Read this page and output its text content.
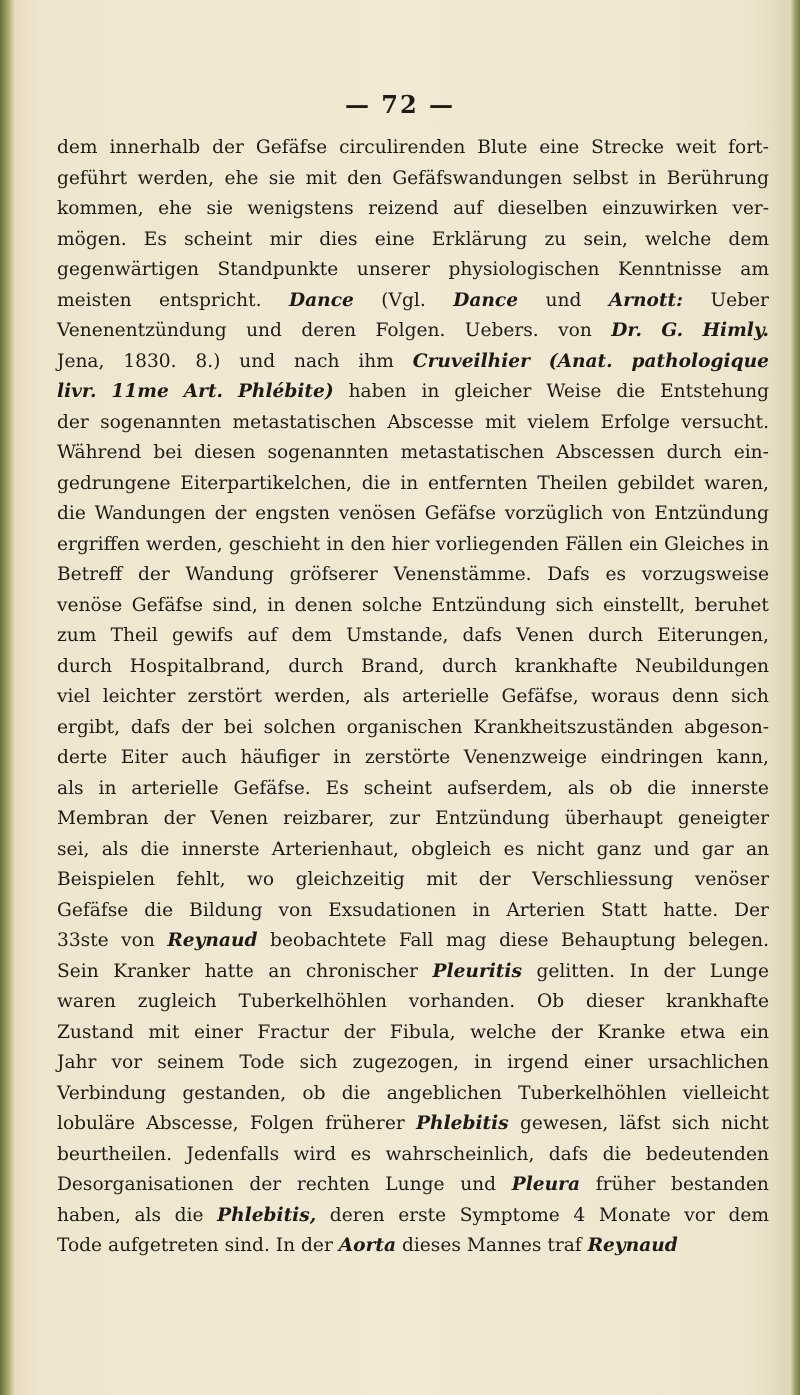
— 72 —

dem innerhalb der Gefäfse circulirenden Blute eine Strecke weit fort-
geführt werden, ehe sie mit den Gefäfswandungen selbst in Berührung
kommen, ehe sie wenigstens reizend auf dieselben einzuwirken ver-
mögen. Es scheint mir dies eine Erklärung zu sein, welche dem
gegenwärtigen Standpunkte unserer physiologischen Kenntnisse am
meisten entspricht. Dance (Vgl. Dance und Arnott: Ueber
Venenentzündung und deren Folgen. Uebers. von Dr. G. Himly.
Jena, 1830. 8.) und nach ihm Cruveilhier (Anat. pathologique
livr. 11me Art. Phlébite) haben in gleicher Weise die Entstehung
der sogenannten metastatischen Abscesse mit vielem Erfolge versucht.
Während bei diesen sogenannten metastatischen Abscessen durch ein-
gedrungene Eiterpartikelchen, die in entfernten Theilen gebildet waren,
die Wandungen der engsten venösen Gefäfse vorzüglich von Entzündung
ergriffen werden, geschieht in den hier vorliegenden Fällen ein Gleiches in
Betreff der Wandung gröfserer Venenstämme. Dafs es vorzugsweise
venöse Gefäfse sind, in denen solche Entzündung sich einstellt, beruhet
zum Theil gewifs auf dem Umstande, dafs Venen durch Eiterungen,
durch Hospitalbrand, durch Brand, durch krankhafte Neubildungen
viel leichter zerstört werden, als arterielle Gefäfse, woraus denn sich
ergibt, dafs der bei solchen organischen Krankheitszuständen abgeson-
derte Eiter auch häufiger in zerstörte Venenzweige eindringen kann,
als in arterielle Gefäfse. Es scheint aufserdem, als ob die innerste
Membran der Venen reizbarer, zur Entzündung überhaupt geneigter
sei, als die innerste Arterienhaut, obgleich es nicht ganz und gar an
Beispielen fehlt, wo gleichzeitig mit der Verschliessung venöser
Gefäfse die Bildung von Exsudationen in Arterien Statt hatte. Der
33ste von Reynaud beobachtete Fall mag diese Behauptung belegen.
Sein Kranker hatte an chronischer Pleuritis gelitten. In der Lunge
waren zugleich Tuberkelhöhlen vorhanden. Ob dieser krankhafte
Zustand mit einer Fractur der Fibula, welche der Kranke etwa ein
Jahr vor seinem Tode sich zugezogen, in irgend einer ursachlichen
Verbindung gestanden, ob die angeblichen Tuberkelhöhlen vielleicht
lobuläre Abscesse, Folgen früherer Phlebitis gewesen, läfst sich nicht
beurtheilen. Jedenfalls wird es wahrscheinlich, dafs die bedeutenden
Desorganisationen der rechten Lunge und Pleura früher bestanden
haben, als die Phlebitis, deren erste Symptome 4 Monate vor dem
Tode aufgetreten sind. In der Aorta dieses Mannes traf Reynaud
